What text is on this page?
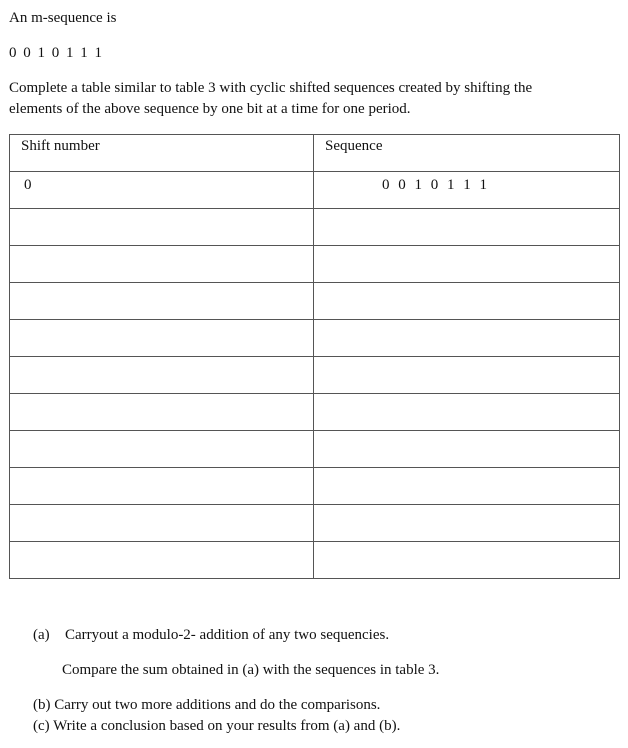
An m-sequence is
0 0 1 0 1 1 1
Complete a table similar to table 3 with cyclic shifted sequences created by shifting the
elements of the above sequence by one bit at a time for one period.
Shift number	Sequence

0	0 0 1 0 1 1 1

(a) Carryout a modulo-2- addition of any two sequencies.
Compare the sum obtained in (a) with the sequences in table 3.
(b) Carry out two more additions and do the comparisons.
(c) Write a conclusion based on your results from (a) and (b).
